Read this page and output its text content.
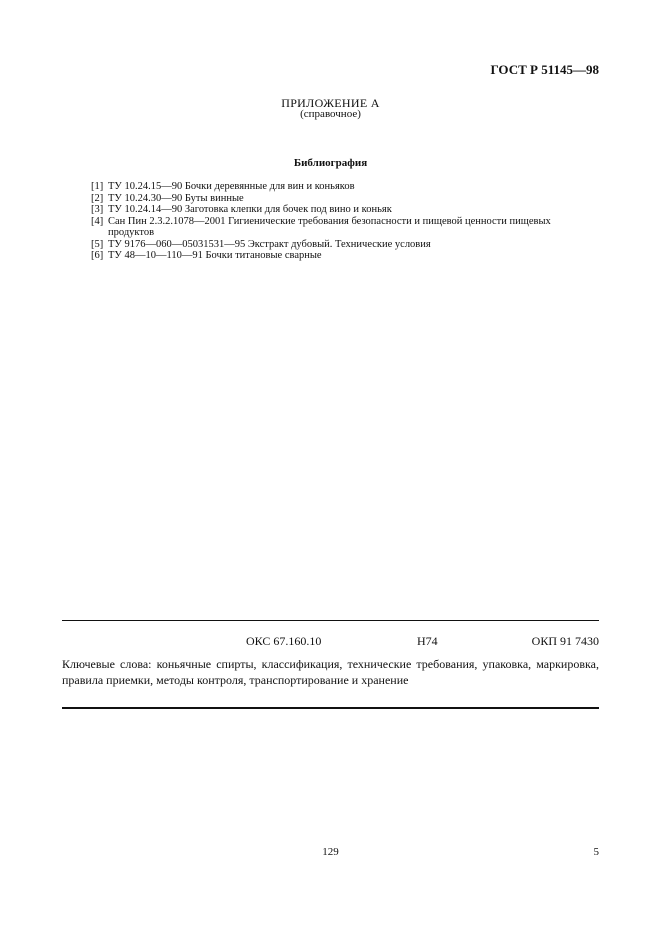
ГОСТ Р 51145—98
ПРИЛОЖЕНИЕ А
(справочное)
Библиография
[1] ТУ 10.24.15—90 Бочки деревянные для вин и коньяков
[2] ТУ 10.24.30—90 Буты винные
[3] ТУ 10.24.14—90 Заготовка клепки для бочек под вино и коньяк
[4] Сан Пин 2.3.2.1078—2001 Гигиенические требования безопасности и пищевой ценности пищевых продуктов
[5] ТУ 9176—060—05031531—95 Экстракт дубовый. Технические условия
[6] ТУ 48—10—110—91 Бочки титановые сварные
ОКС 67.160.10	Н74	ОКП 91 7430
Ключевые слова: коньячные спирты, классификация, технические требования, упаковка, маркировка, правила приемки, методы контроля, транспортирование и хранение
129	5
